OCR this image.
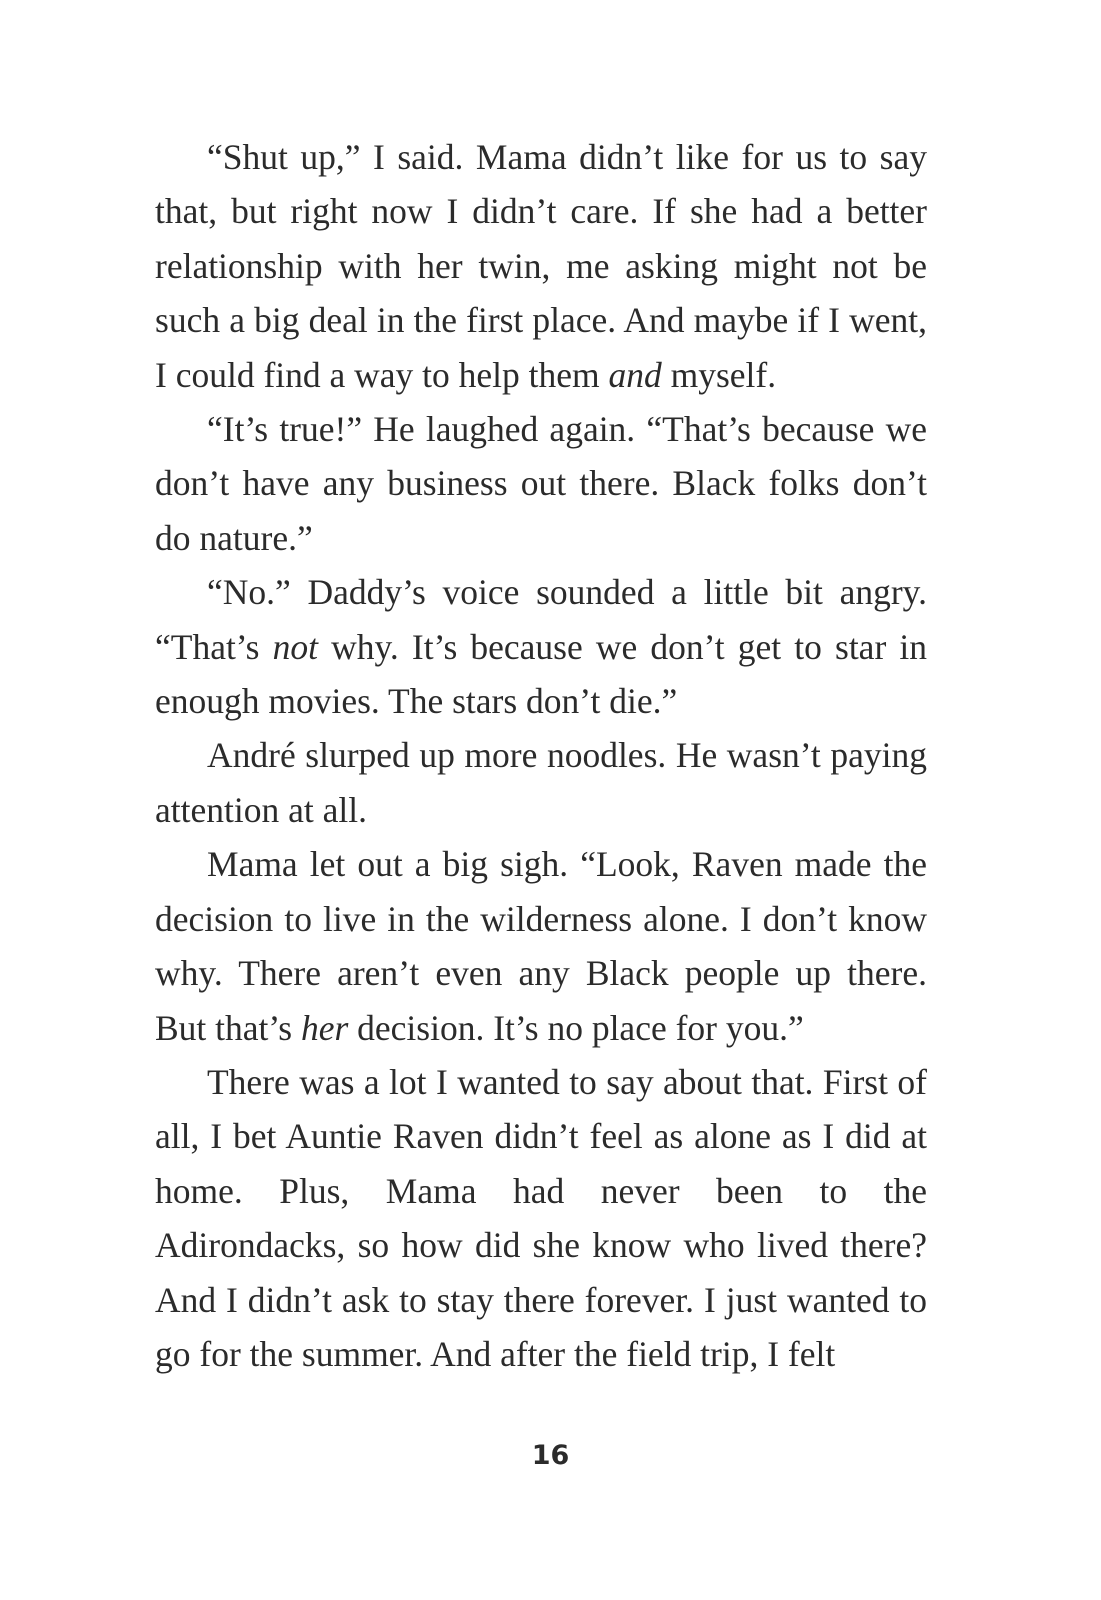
“Shut up,” I said. Mama didn’t like for us to say that, but right now I didn’t care. If she had a better relationship with her twin, me asking might not be such a big deal in the first place. And maybe if I went, I could find a way to help them and myself.

“It’s true!” He laughed again. “That’s because we don’t have any business out there. Black folks don’t do nature.”

“No.” Daddy’s voice sounded a little bit angry. “That’s not why. It’s because we don’t get to star in enough movies. The stars don’t die.”

André slurped up more noodles. He wasn’t paying attention at all.

Mama let out a big sigh. “Look, Raven made the decision to live in the wilderness alone. I don’t know why. There aren’t even any Black people up there. But that’s her decision. It’s no place for you.”

There was a lot I wanted to say about that. First of all, I bet Auntie Raven didn’t feel as alone as I did at home. Plus, Mama had never been to the Adirondacks, so how did she know who lived there? And I didn’t ask to stay there forever. I just wanted to go for the summer. And after the field trip, I felt

16
